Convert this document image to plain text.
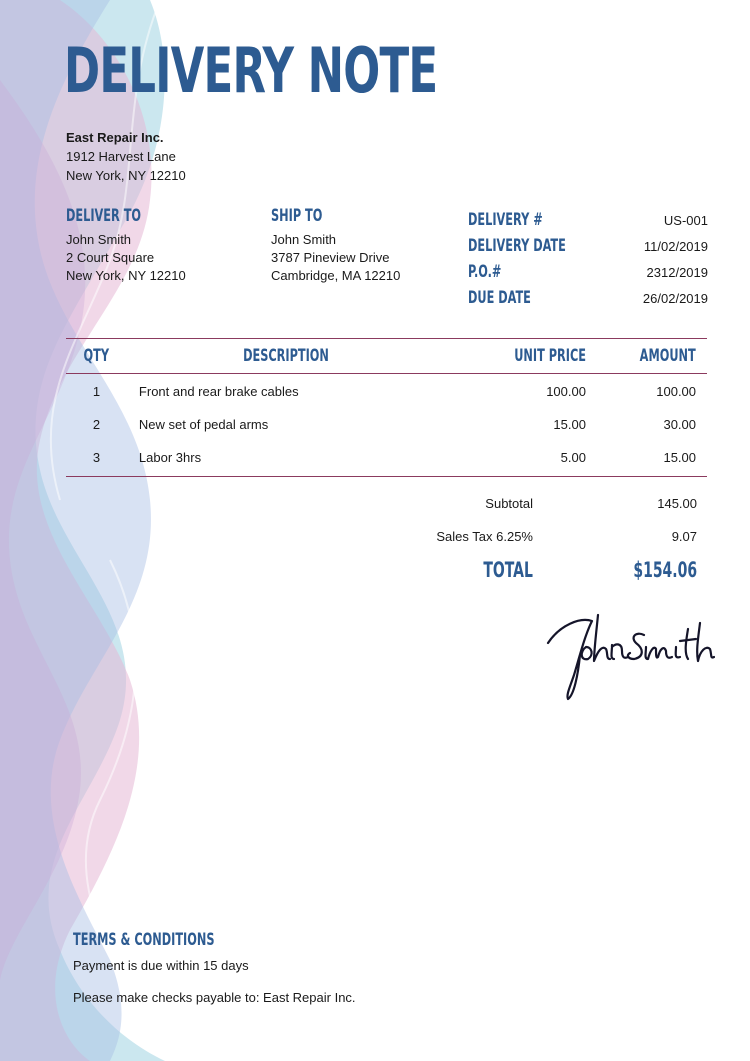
DELIVERY NOTE
East Repair Inc.
1912 Harvest Lane
New York, NY 12210
DELIVER TO
John Smith
2 Court Square
New York, NY 12210
SHIP TO
John Smith
3787 Pineview Drive
Cambridge, MA 12210
DELIVERY #	US-001
DELIVERY DATE	11/02/2019
P.O.#	2312/2019
DUE DATE	26/02/2019
QTY	DESCRIPTION	UNIT PRICE	AMOUNT
1	Front and rear brake cables	100.00	100.00
2	New set of pedal arms	15.00	30.00
3	Labor 3hrs	5.00	15.00
Subtotal	145.00
Sales Tax 6.25%	9.07
TOTAL	$154.06
TERMS & CONDITIONS

Payment is due within 15 days

Please make checks payable to: East Repair Inc.
